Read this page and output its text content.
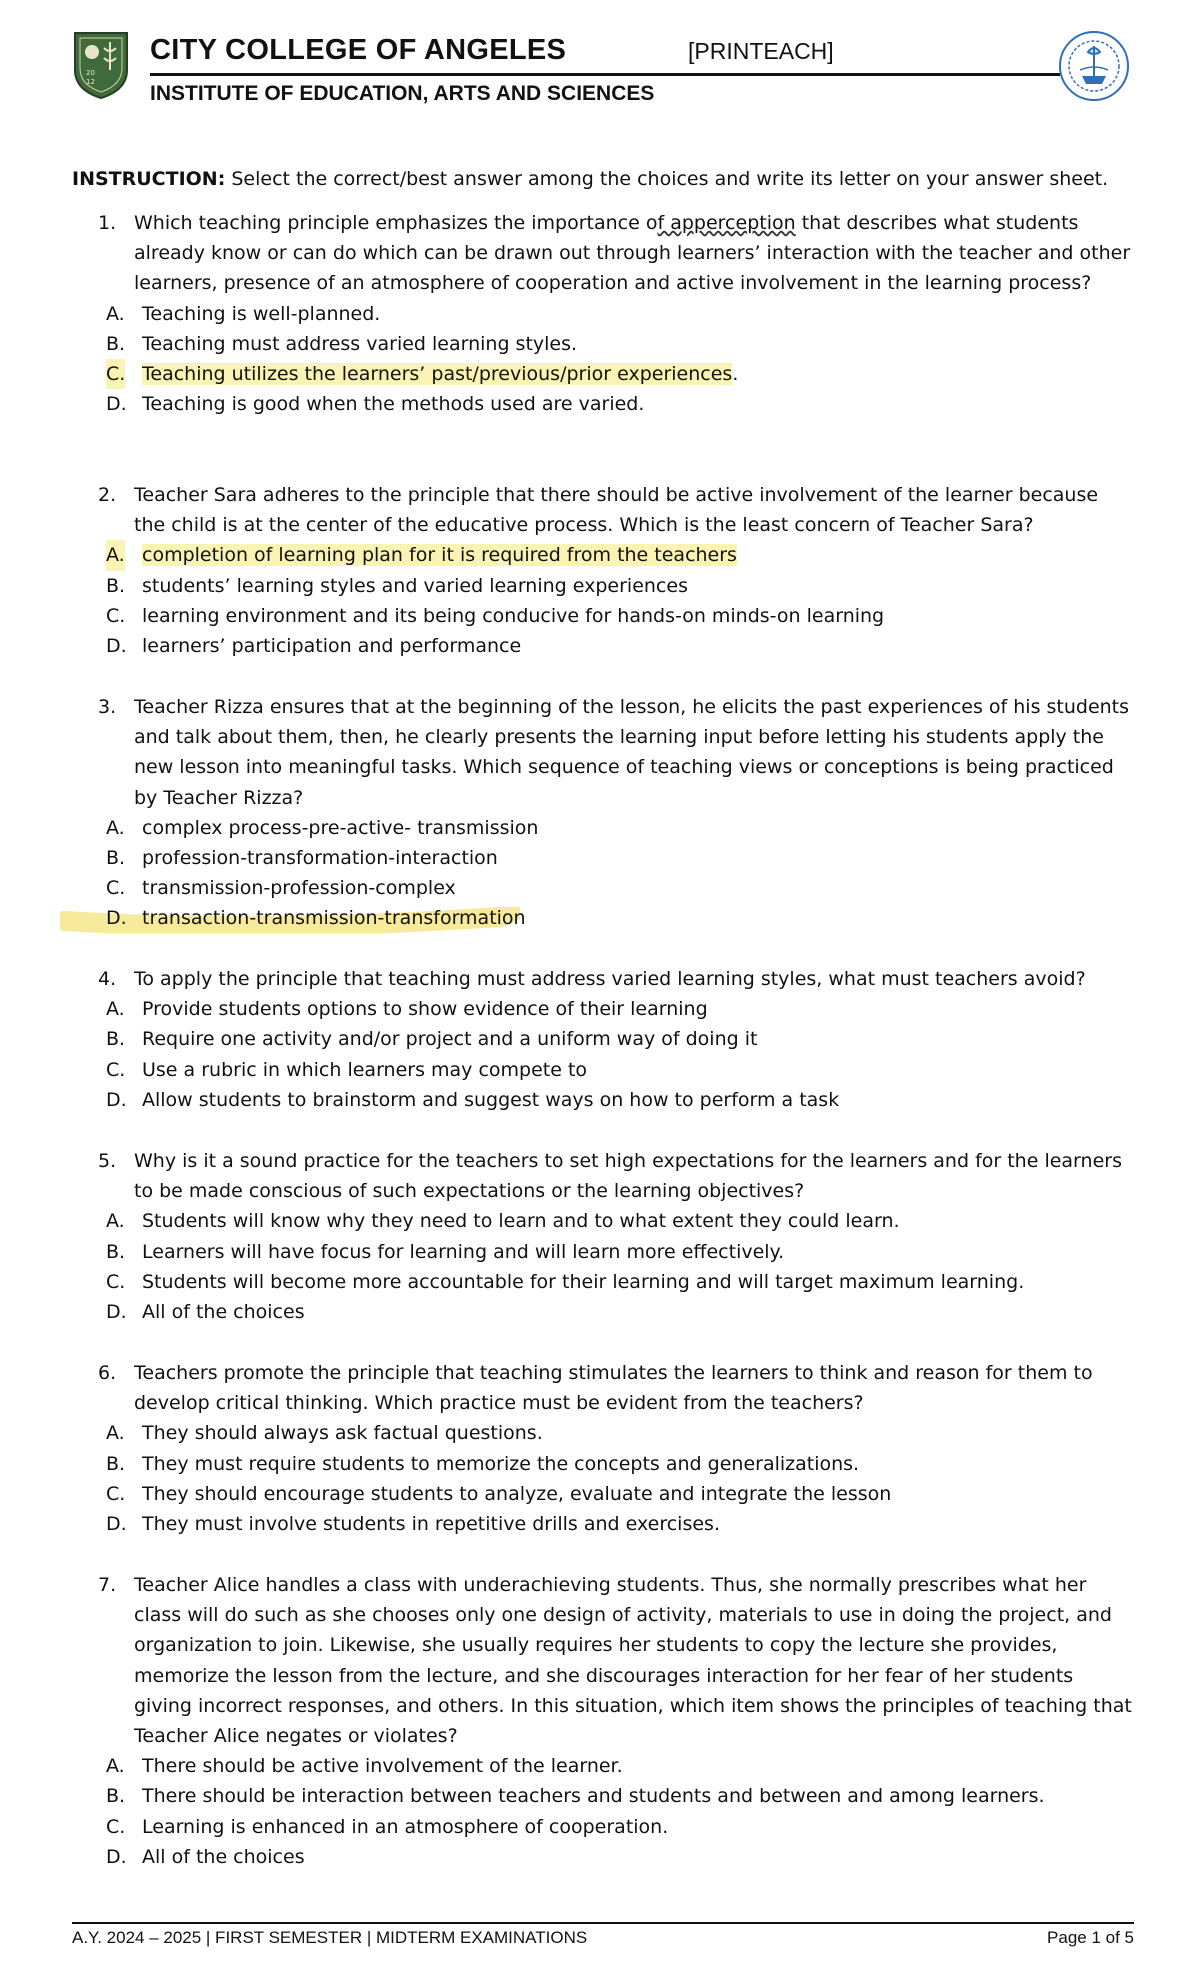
20
12
CITY COLLEGE OF ANGELES	[PRINTEACH]
INSTITUTE OF EDUCATION, ARTS AND SCIENCES
INSTRUCTION: Select the correct/best answer among the choices and write its letter on your answer sheet.
1. Which teaching principle emphasizes the importance of apperception that describes what students already know or can do which can be drawn out through learners’ interaction with the teacher and other learners, presence of an atmosphere of cooperation and active involvement in the learning process?
A. Teaching is well-planned.
B. Teaching must address varied learning styles.
C. Teaching utilizes the learners’ past/previous/prior experiences.
D. Teaching is good when the methods used are varied.
2. Teacher Sara adheres to the principle that there should be active involvement of the learner because the child is at the center of the educative process. Which is the least concern of Teacher Sara?
A. completion of learning plan for it is required from the teachers
B. students’ learning styles and varied learning experiences
C. learning environment and its being conducive for hands-on minds-on learning
D. learners’ participation and performance
3. Teacher Rizza ensures that at the beginning of the lesson, he elicits the past experiences of his students and talk about them, then, he clearly presents the learning input before letting his students apply the new lesson into meaningful tasks. Which sequence of teaching views or conceptions is being practiced by Teacher Rizza?
A. complex process-pre-active- transmission
B. profession-transformation-interaction
C. transmission-profession-complex
D. transaction-transmission-transformation
4. To apply the principle that teaching must address varied learning styles, what must teachers avoid?
A. Provide students options to show evidence of their learning
B. Require one activity and/or project and a uniform way of doing it
C. Use a rubric in which learners may compete to
D. Allow students to brainstorm and suggest ways on how to perform a task
5. Why is it a sound practice for the teachers to set high expectations for the learners and for the learners to be made conscious of such expectations or the learning objectives?
A. Students will know why they need to learn and to what extent they could learn.
B. Learners will have focus for learning and will learn more effectively.
C. Students will become more accountable for their learning and will target maximum learning.
D. All of the choices
6. Teachers promote the principle that teaching stimulates the learners to think and reason for them to develop critical thinking. Which practice must be evident from the teachers?
A. They should always ask factual questions.
B. They must require students to memorize the concepts and generalizations.
C. They should encourage students to analyze, evaluate and integrate the lesson
D. They must involve students in repetitive drills and exercises.
7. Teacher Alice handles a class with underachieving students. Thus, she normally prescribes what her class will do such as she chooses only one design of activity, materials to use in doing the project, and organization to join. Likewise, she usually requires her students to copy the lecture she provides, memorize the lesson from the lecture, and she discourages interaction for her fear of her students giving incorrect responses, and others. In this situation, which item shows the principles of teaching that Teacher Alice negates or violates?
A. There should be active involvement of the learner.
B. There should be interaction between teachers and students and between and among learners.
C. Learning is enhanced in an atmosphere of cooperation.
D. All of the choices
A.Y. 2024 – 2025 | FIRST SEMESTER | MIDTERM EXAMINATIONS	Page 1 of 5
